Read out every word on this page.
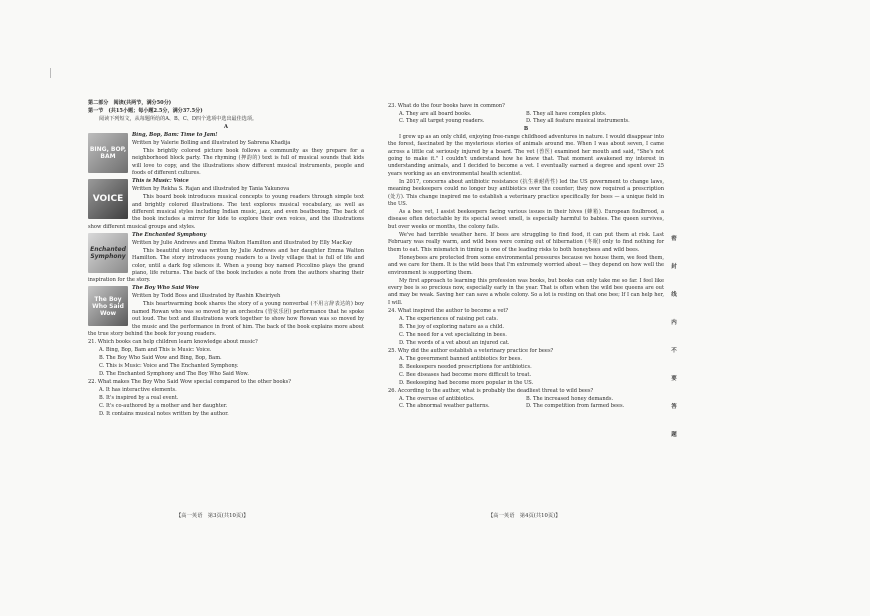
第二部分　阅读(共两节，满分50分)
第一节　(共15小题；每小题2.5分，满分37.5分)
阅读下列短文，从每题所给的A、B、C、D四个选项中选出最佳选项。
A
BING, BOP, BAM
Bing, Bop, Bam: Time to Jam!
Written by Valerie Bolling and illustrated by Sabrena Khadija
This brightly colored picture book follows a community as they prepare for a neighborhood block party. The rhyming (押韵的) text is full of musical sounds that kids will love to copy, and the illustrations show different musical instruments, people and foods of different cultures.
VOICE
This is Music: Voice
Written by Rekha S. Rajan and illustrated by Tania Yakunova
This board book introduces musical concepts to young readers through simple text and brightly colored illustrations. The text explores musical vocabulary, as well as different musical styles including Indian music, jazz, and even beatboxing. The back of the book includes a mirror for kide to explore their own voices, and the illustrations show different musical groups and styles.
Enchanted Symphony
The Enchanted Symphony
Written by Julie Andrews and Emma Walton Hamilton and illustrated by Elly MacKay
This beautiful story was written by Julie Andrews and her daughter Emma Walton Hamilton. The story introduces young readers to a lively village that is full of life and color, until a dark fog silences it. When a young boy named Piccolino plays the grand piano, life returns. The back of the book includes a note from the authors sharing their inspiration for the story.
The Boy Who Said Wow
The Boy Who Said Wow
Written by Todd Boss and illustrated by Rashin Kheiriyeh
This heartwarming book shares the story of a young nonverbal (不用言辞表达的) boy named Rowan who was so moved by an orchestra (管弦乐团) performance that he spoke out loud. The text and illustrations work together to show how Rowan was so moved by the music and the performance in front of him. The back of the book explains more about the true story behind the book for young readers.
21. Which books can help children learn knowledge about music?
A. Bing, Bop, Bam and This is Music: Voice.
B. The Boy Who Said Wow and Bing, Bop, Bam.
C. This is Music: Voice and The Enchanted Symphony.
D. The Enchanted Symphony and The Boy Who Said Wow.
22. What makes The Boy Who Said Wow special compared to the other books?
A. It has interactive elements.
B. It's inspired by a real event.
C. It's co-authored by a mother and her daughter.
D. It contains musical notes written by the author.
23. What do the four books have in common?
A. They are all board books.	B. They all have complex plots.
C. They all target young readers.	D. They all feature musical instruments.
B
I grew up as an only child, enjoying free-range childhood adventures in nature. I would disappear into the forest, fascinated by the mysterious stories of animals around me. When I was about seven, I came across a little cat seriously injured by a board. The vet (兽医) examined her mouth and said, "She's not going to make it." I couldn't understand how he knew that. That moment awakened my interest in understanding animals, and I decided to become a vet. I eventually earned a degree and spent over 25 years working as an environmental health scientist.
In 2017, concerns about antibiotic resistance (抗生素耐药性) led the US government to change laws, meaning beekeepers could no longer buy antibiotics over the counter; they now required a prescription (处方). This change inspired me to establish a veterinary practice specifically for bees — a unique field in the US.
As a bee vet, I assist beekeepers facing various issues in their hives (蜂箱). European foulbrood, a disease often detectable by its special sweet smell, is especially harmful to babies. The queen survives, but over weeks or months, the colony fails.
We've had terrible weather here. If bees are struggling to find food, it can put them at risk. Last February was really warm, and wild bees were coming out of hibernation (冬眠) only to find nothing for them to eat. This mismatch in timing is one of the leading risks to both honeybees and wild bees.
Honeybees are protected from some environmental pressures because we house them, we feed them, and we care for them. It is the wild bees that I'm extremely worried about — they depend on how well the environment is supporting them.
My first approach to learning this profession was books, but books can only take me so far. I feel like every bee is so precious now, especially early in the year. That is often when the wild bee queens are out and may be weak. Saving her can save a whole colony. So a lot is resting on that one bee; If I can help her, I will.
24. What inspired the author to become a vet?
A. The experiences of raising pet cats.
B. The joy of exploring nature as a child.
C. The need for a vet specializing in bees.
D. The words of a vet about an injured cat.
25. Why did the author establish a veterinary practice for bees?
A. The government banned antibiotics for bees.
B. Beekeepers needed prescriptions for antibiotics.
C. Bee diseases had become more difficult to treat.
D. Beekeeping had become more popular in the US.
26. According to the author, what is probably the deadliest threat to wild bees?
A. The overuse of antibiotics.	B. The increased honey demands.
C. The abnormal weather patterns.	D. The competition from farmed bees.
【高一英语　第3页(共10页)】	【高一英语　第4页(共10页)】
密
封
线
内
不
要
答
题
